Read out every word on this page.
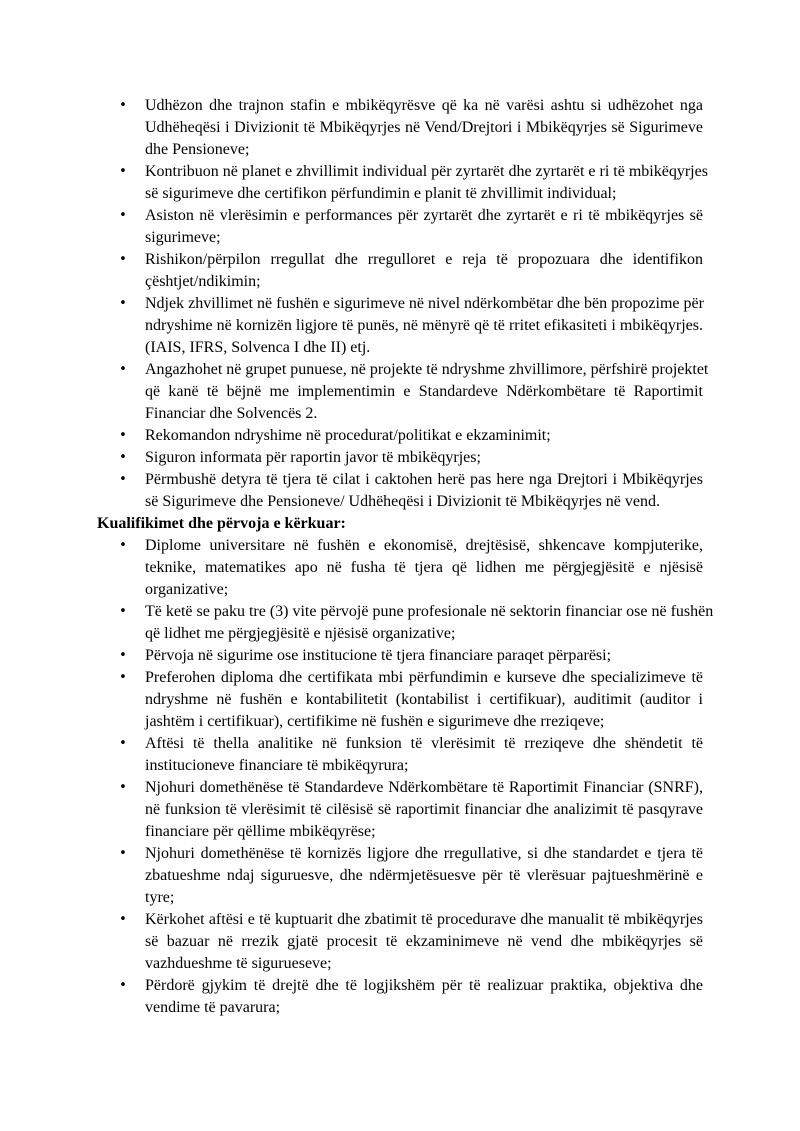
• Udhëzon dhe trajnon stafin e mbikëqyrësve që ka në varësi ashtu si udhëzohet nga
Udhëheqësi i Divizionit të Mbikëqyrjes në Vend/Drejtori i Mbikëqyrjes së Sigurimeve
dhe Pensioneve;
• Kontribuon në planet e zhvillimit individual për zyrtarët dhe zyrtarët e ri të mbikëqyrjes
së sigurimeve dhe certifikon përfundimin e planit të zhvillimit individual;
• Asiston në vlerësimin e performances për zyrtarët dhe zyrtarët e ri të mbikëqyrjes së
sigurimeve;
• Rishikon/përpilon rregullat dhe rregulloret e reja të propozuara dhe identifikon
çështjet/ndikimin;
• Ndjek zhvillimet në fushën e sigurimeve në nivel ndërkombëtar dhe bën propozime për
ndryshime në kornizën ligjore të punës, në mënyrë që të rritet efikasiteti i mbikëqyrjes.
(IAIS, IFRS, Solvenca I dhe II) etj.
• Angazhohet në grupet punuese, në projekte të ndryshme zhvillimore, përfshirë projektet
që kanë të bëjnë me implementimin e Standardeve Ndërkombëtare të Raportimit
Financiar dhe Solvencës 2.
• Rekomandon ndryshime në procedurat/politikat e ekzaminimit;
• Siguron informata për raportin javor të mbikëqyrjes;
• Përmbushë detyra të tjera të cilat i caktohen herë pas here nga Drejtori i Mbikëqyrjes
së Sigurimeve dhe Pensioneve/ Udhëheqësi i Divizionit të Mbikëqyrjes në vend.
Kualifikimet dhe përvoja e kërkuar:
• Diplome universitare në fushën e ekonomisë, drejtësisë, shkencave kompjuterike,
teknike, matematikes apo në fusha të tjera që lidhen me përgjegjësitë e njësisë
organizative;
• Të ketë se paku tre (3) vite përvojë pune profesionale në sektorin financiar ose në fushën
që lidhet me përgjegjësitë e njësisë organizative;
• Përvoja në sigurime ose institucione të tjera financiare paraqet përparësi;
• Preferohen diploma dhe certifikata mbi përfundimin e kurseve dhe specializimeve të
ndryshme në fushën e kontabilitetit (kontabilist i certifikuar), auditimit (auditor i
jashtëm i certifikuar), certifikime në fushën e sigurimeve dhe rreziqeve;
• Aftësi të thella analitike në funksion të vlerësimit të rreziqeve dhe shëndetit të
institucioneve financiare të mbikëqyrura;
• Njohuri domethënëse të Standardeve Ndërkombëtare të Raportimit Financiar (SNRF),
në funksion të vlerësimit të cilësisë së raportimit financiar dhe analizimit të pasqyrave
financiare për qëllime mbikëqyrëse;
• Njohuri domethënëse të kornizës ligjore dhe rregullative, si dhe standardet e tjera të
zbatueshme ndaj siguruesve, dhe ndërmjetësuesve për të vlerësuar pajtueshmërinë e
tyre;
• Kërkohet aftësi e të kuptuarit dhe zbatimit të procedurave dhe manualit të mbikëqyrjes
së bazuar në rrezik gjatë procesit të ekzaminimeve në vend dhe mbikëqyrjes së
vazhdueshme të sigurueseve;
• Përdorë gjykim të drejtë dhe të logjikshëm për të realizuar praktika, objektiva dhe
vendime të pavarura;
